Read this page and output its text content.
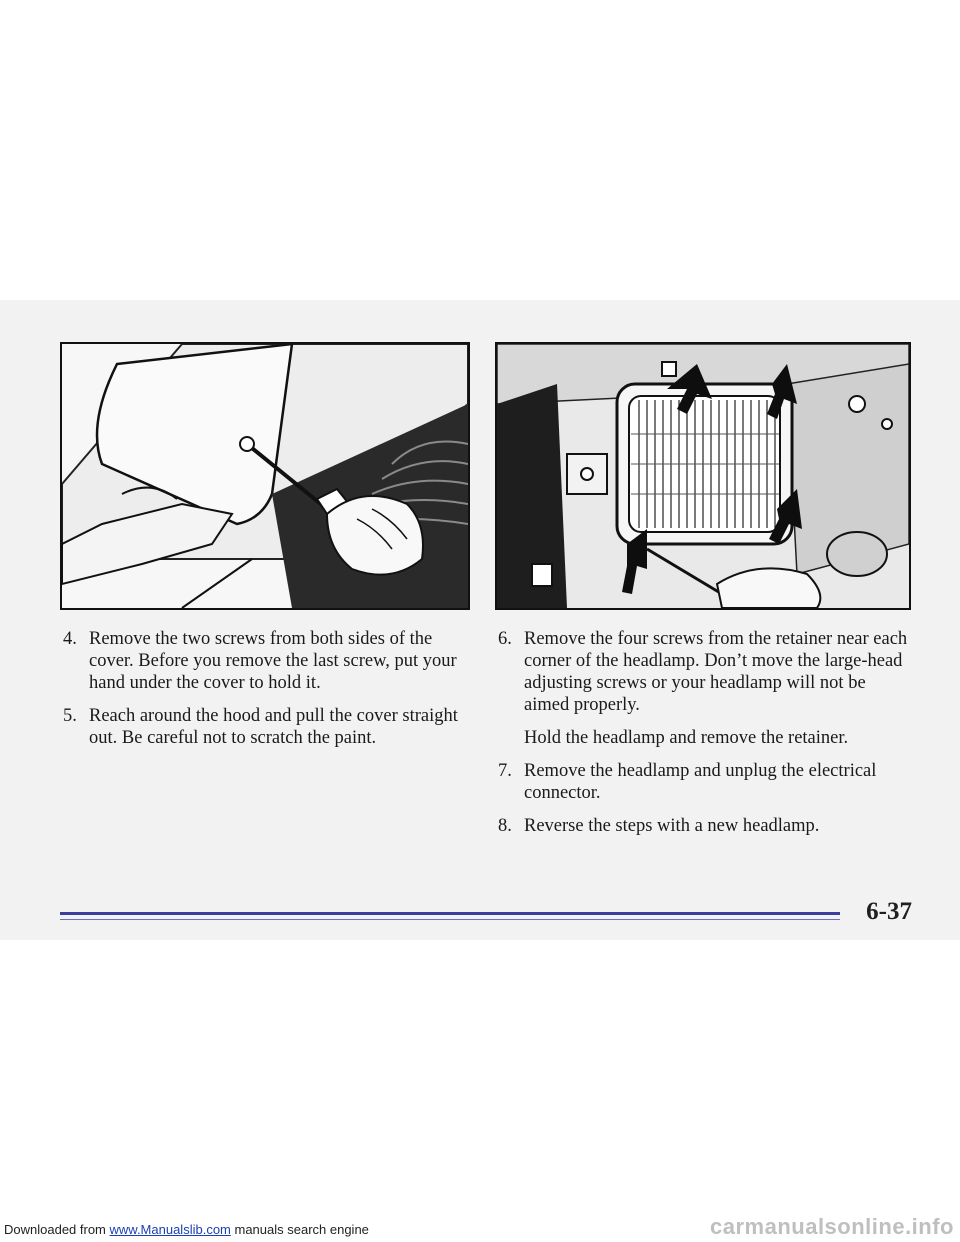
4. Remove the two screws from both sides of the cover. Before you remove the last screw, put your hand under the cover to hold it.
5. Reach around the hood and pull the cover straight out. Be careful not to scratch the paint.
6. Remove the four screws from the retainer near each corner of the headlamp. Don’t move the large-head adjusting screws or your headlamp will not be aimed properly.
Hold the headlamp and remove the retainer.
7. Remove the headlamp and unplug the electrical connector.
8. Reverse the steps with a new headlamp.
6-37
Downloaded from www.Manualslib.com manuals search engine	carmanualsonline.info
